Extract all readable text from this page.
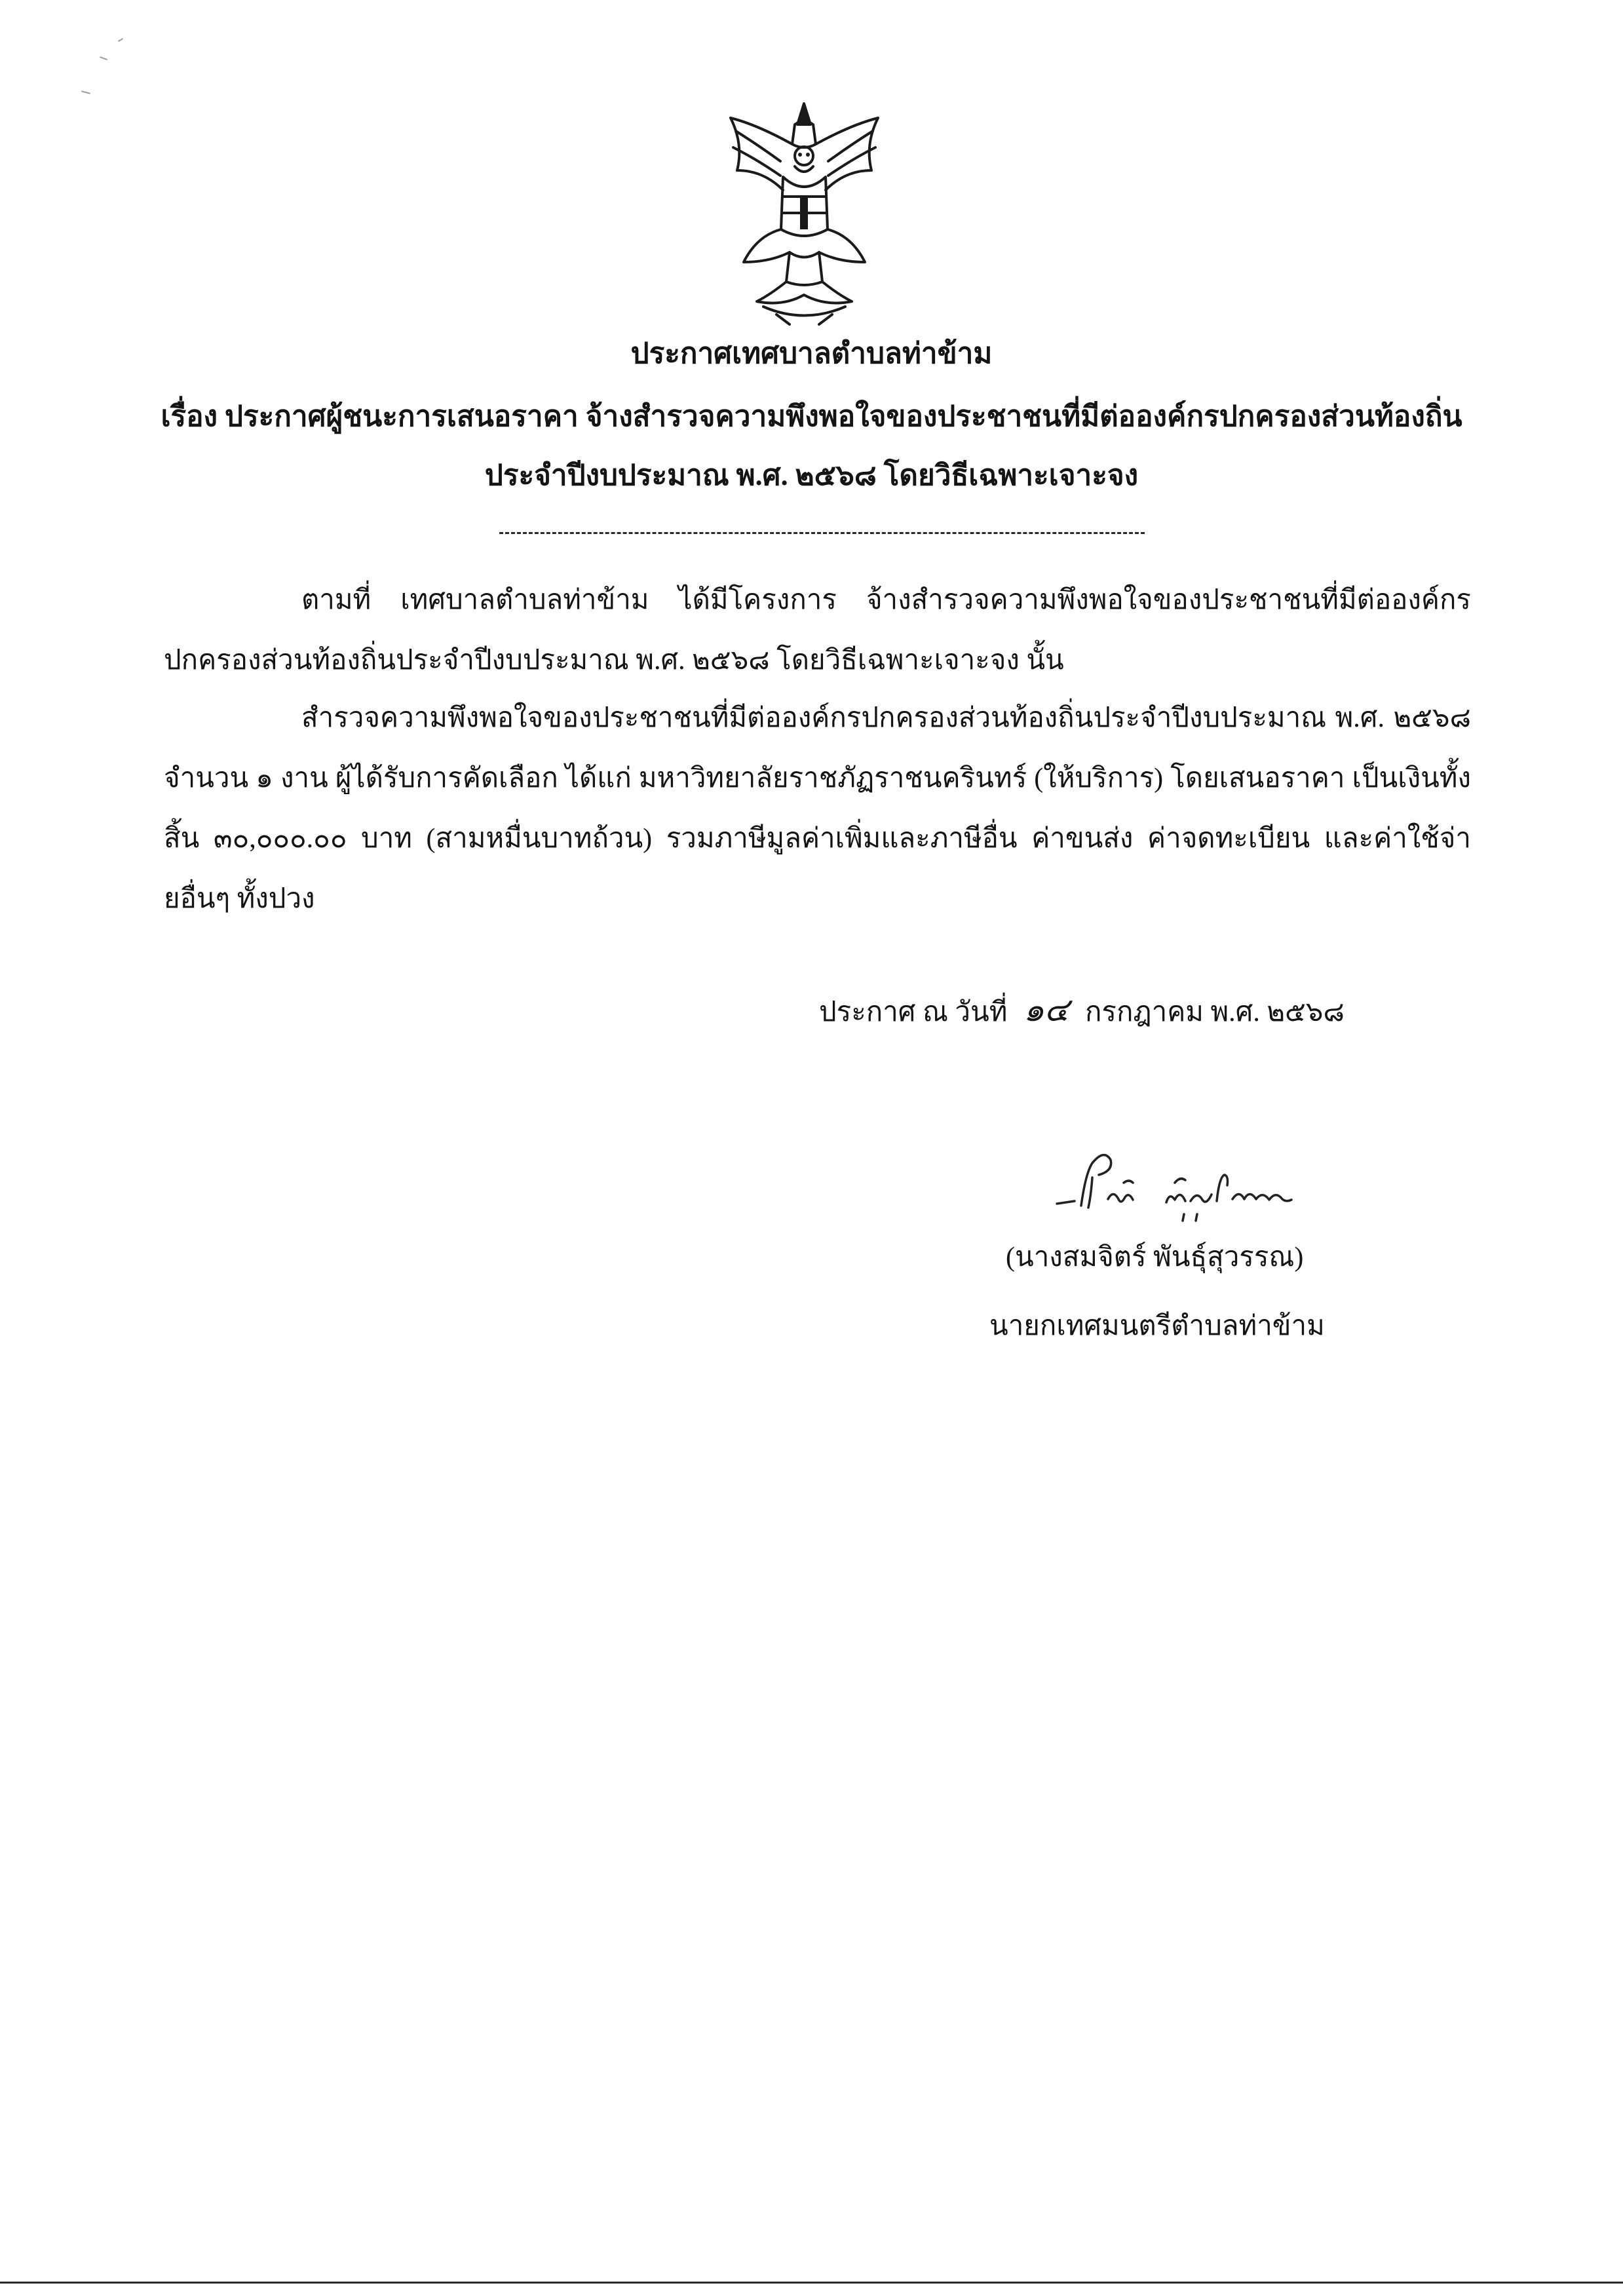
ประกาศเทศบาลตำบลท่าข้าม
เรื่อง ประกาศผู้ชนะการเสนอราคา จ้างสำรวจความพึงพอใจของประชาชนที่มีต่อองค์กรปกครองส่วนท้องถิ่น
ประจำปีงบประมาณ พ.ศ. ๒๕๖๘ โดยวิธีเฉพาะเจาะจง
ตามที่ เทศบาลตำบลท่าข้าม ได้มีโครงการ จ้างสำรวจความพึงพอใจของประชาชนที่มีต่อองค์กรปกครองส่วนท้องถิ่นประจำปีงบประมาณ พ.ศ. ๒๕๖๘ โดยวิธีเฉพาะเจาะจง นั้น
สำรวจความพึงพอใจของประชาชนที่มีต่อองค์กรปกครองส่วนท้องถิ่นประจำปีงบประมาณ พ.ศ. ๒๕๖๘ จำนวน ๑ งาน ผู้ได้รับการคัดเลือก ได้แก่ มหาวิทยาลัยราชภัฏราชนครินทร์ (ให้บริการ) โดยเสนอราคา เป็นเงินทั้งสิ้น ๓๐,๐๐๐.๐๐ บาท (สามหมื่นบาทถ้วน) รวมภาษีมูลค่าเพิ่มและภาษีอื่น ค่าขนส่ง ค่าจดทะเบียน และค่าใช้จ่ายอื่นๆ ทั้งปวง
ประกาศ ณ วันที่ ๑๔ กรกฎาคม พ.ศ. ๒๕๖๘
(นางสมจิตร์ พันธุ์สุวรรณ)
นายกเทศมนตรีตำบลท่าข้าม
